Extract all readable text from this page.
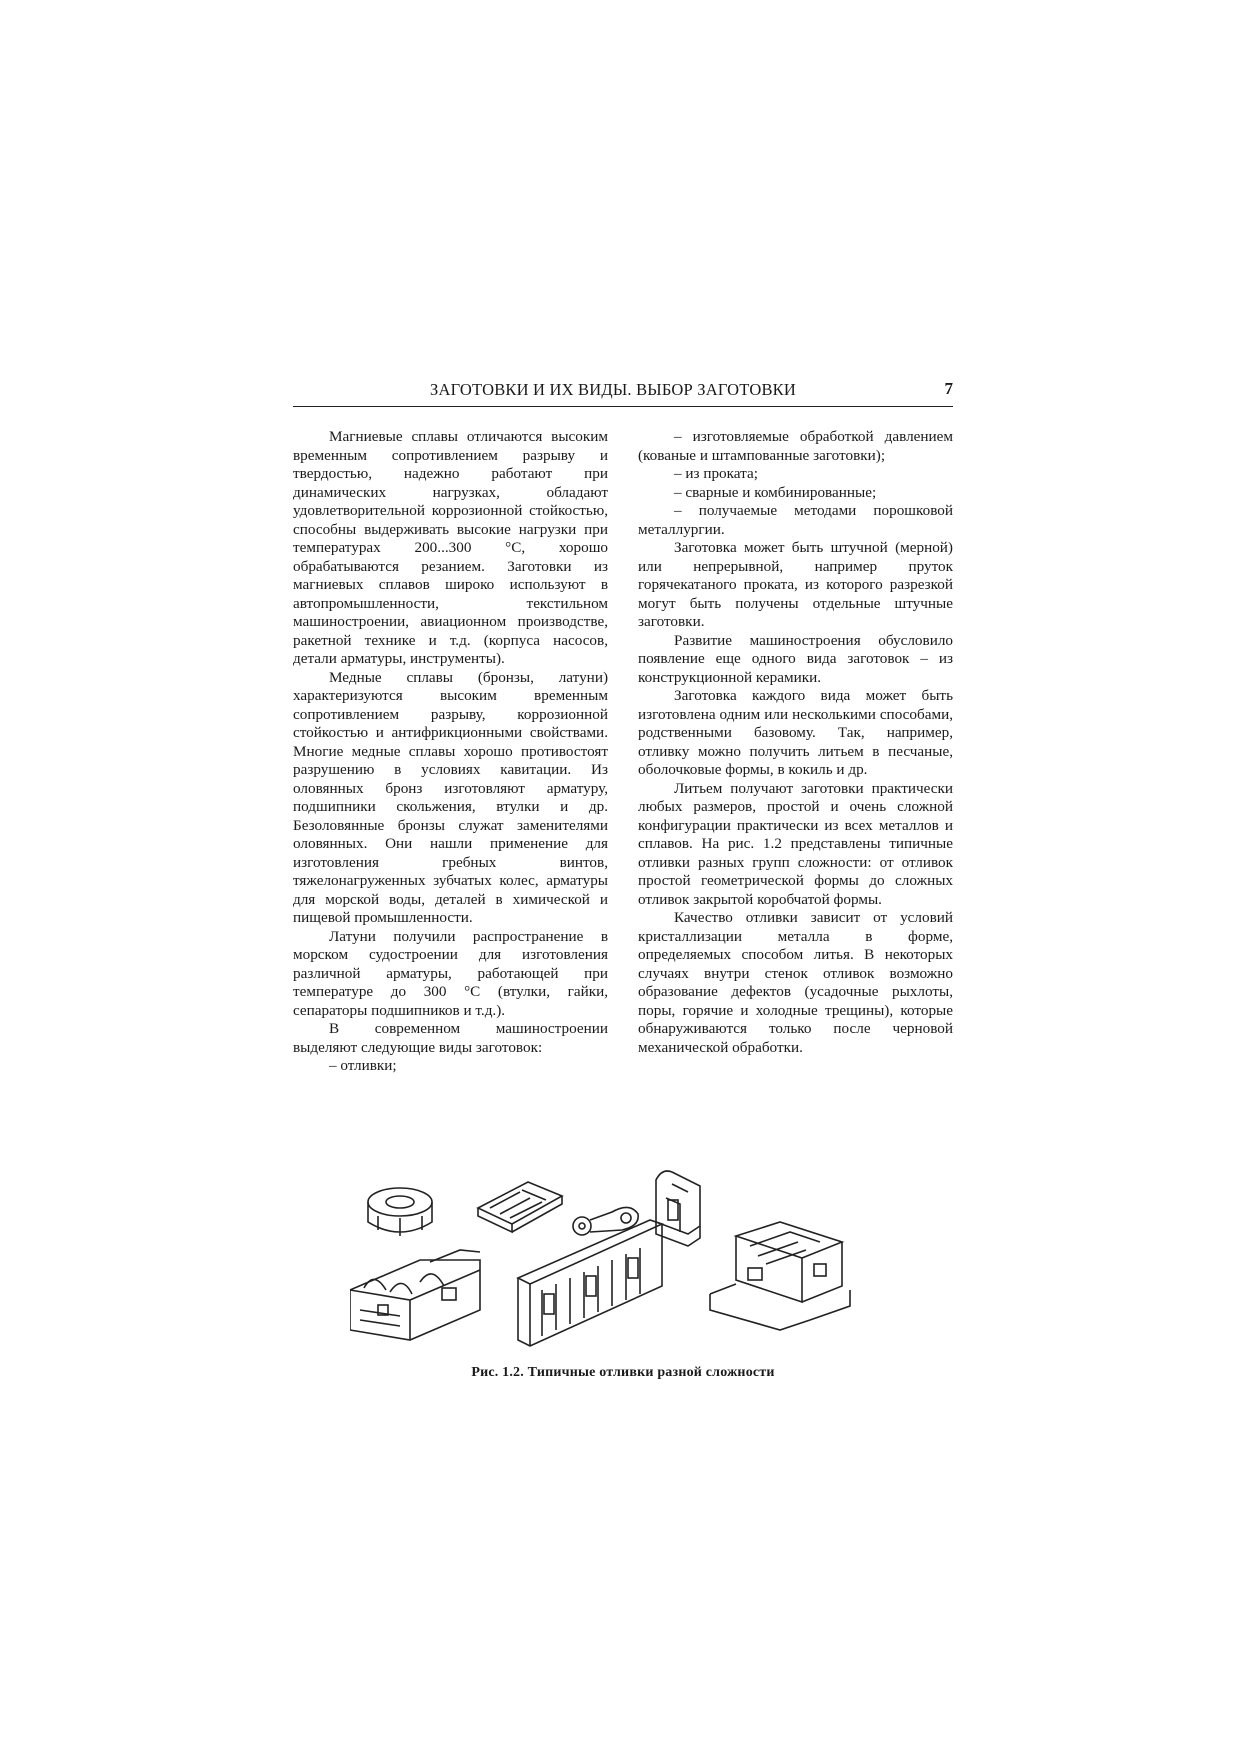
ЗАГОТОВКИ И ИХ ВИДЫ. ВЫБОР ЗАГОТОВКИ	7

Магниевые сплавы отличаются высоким временным сопротивлением разрыву и твердостью, надежно работают при динамических нагрузках, обладают удовлетворительной коррозионной стойкостью, способны выдерживать высокие нагрузки при температурах 200...300 °С, хорошо обрабатываются резанием. Заготовки из магниевых сплавов широко используют в автопромышленности, текстильном машиностроении, авиационном производстве, ракетной технике и т.д. (корпуса насосов, детали арматуры, инструменты).

Медные сплавы (бронзы, латуни) характеризуются высоким временным сопротивлением разрыву, коррозионной стойкостью и антифрикционными свойствами. Многие медные сплавы хорошо противостоят разрушению в условиях кавитации. Из оловянных бронз изготовляют арматуру, подшипники скольжения, втулки и др. Безоловянные бронзы служат заменителями оловянных. Они нашли применение для изготовления гребных винтов, тяжелонагруженных зубчатых колес, арматуры для морской воды, деталей в химической и пищевой промышленности.

Латуни получили распространение в морском судостроении для изготовления различной арматуры, работающей при температуре до 300 °С (втулки, гайки, сепараторы подшипников и т.д.).

В современном машиностроении выделяют следующие виды заготовок:

– отливки;

– изготовляемые обработкой давлением (кованые и штампованные заготовки);

– из проката;

– сварные и комбинированные;

– получаемые методами порошковой металлургии.

Заготовка может быть штучной (мерной) или непрерывной, например пруток горячекатаного проката, из которого разрезкой могут быть получены отдельные штучные заготовки.

Развитие машиностроения обусловило появление еще одного вида заготовок – из конструкционной керамики.

Заготовка каждого вида может быть изготовлена одним или несколькими способами, родственными базовому. Так, например, отливку можно получить литьем в песчаные, оболочковые формы, в кокиль и др.

Литьем получают заготовки практически любых размеров, простой и очень сложной конфигурации практически из всех металлов и сплавов. На рис. 1.2 представлены типичные отливки разных групп сложности: от отливок простой геометрической формы до сложных отливок закрытой коробчатой формы.

Качество отливки зависит от условий кристаллизации металла в форме, определяемых способом литья. В некоторых случаях внутри стенок отливок возможно образование дефектов (усадочные рыхлоты, поры, горячие и холодные трещины), которые обнаруживаются только после черновой механической обработки.

Рис. 1.2. Типичные отливки разной сложности
